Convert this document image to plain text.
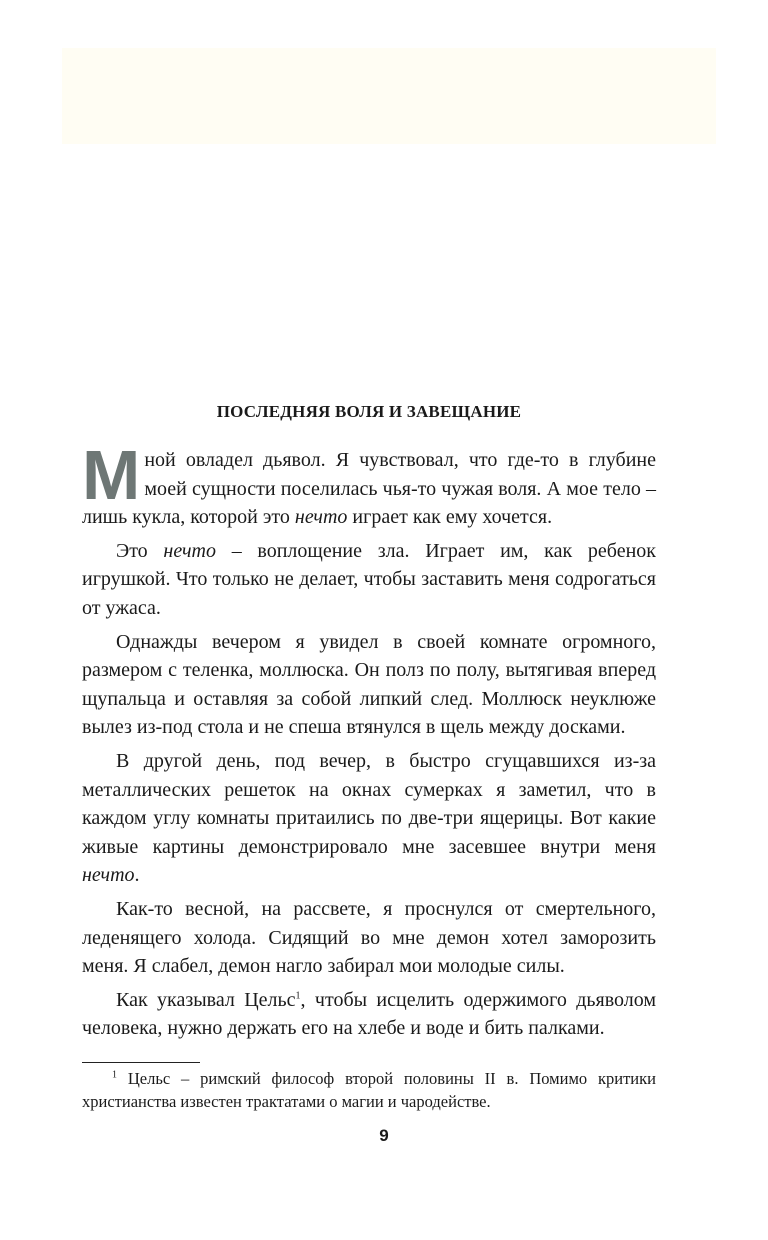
ПОСЛЕДНЯЯ ВОЛЯ И ЗАВЕЩАНИЕ

Мной овладел дьявол. Я чувствовал, что где-то в глубине моей сущности поселилась чья-то чужая воля. А мое тело – лишь кукла, которой это нечто играет как ему хочется.

Это нечто – воплощение зла. Играет им, как ребенок игрушкой. Что только не делает, чтобы заставить меня содрогаться от ужаса.

Однажды вечером я увидел в своей комнате огромного, размером с теленка, моллюска. Он полз по полу, вытягивая вперед щупальца и оставляя за собой липкий след. Моллюск неуклюже вылез из-под стола и не спеша втянулся в щель между досками.

В другой день, под вечер, в быстро сгущавшихся из-за металлических решеток на окнах сумерках я заметил, что в каждом углу комнаты притаились по две-три ящерицы. Вот какие живые картины демонстрировало мне засевшее внутри меня нечто.

Как-то весной, на рассвете, я проснулся от смертельного, леденящего холода. Сидящий во мне демон хотел заморозить меня. Я слабел, демон нагло забирал мои молодые силы.

Как указывал Цельс$^1$, чтобы исцелить одержимого дьяволом человека, нужно держать его на хлебе и воде и бить палками.

$^1$ Цельс – римский философ второй половины II в. Помимо критики христианства известен трактатами о магии и чародействе.

9
